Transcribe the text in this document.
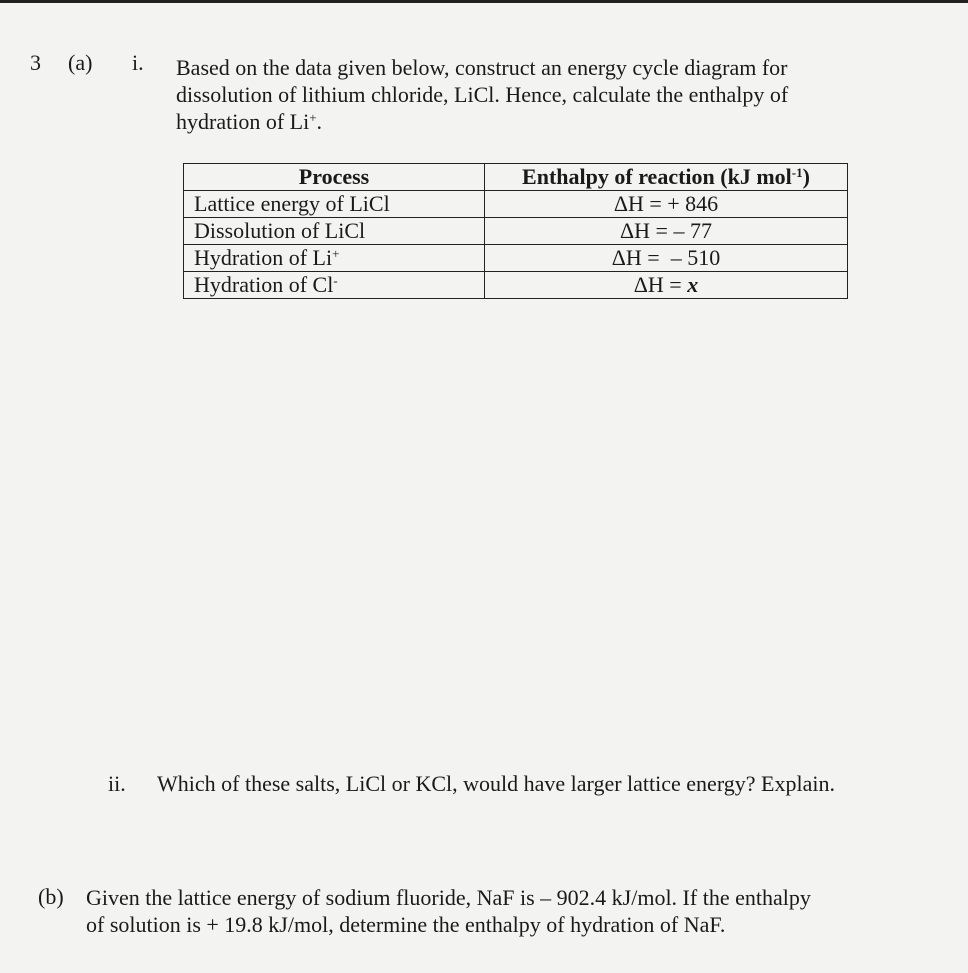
3 (a) i. Based on the data given below, construct an energy cycle diagram for
dissolution of lithium chloride, LiCl. Hence, calculate the enthalpy of
hydration of Li+.
Process	Enthalpy of reaction (kJ mol$^{-1}$)
Lattice energy of LiCl	ΔH = + 846
Dissolution of LiCl	ΔH = – 77
Hydration of Li+	ΔH =  – 510
Hydration of Cl-	ΔH = x
ii. Which of these salts, LiCl or KCl, would have larger lattice energy? Explain.
(b) Given the lattice energy of sodium fluoride, NaF is – 902.4 kJ/mol. If the enthalpy
of solution is + 19.8 kJ/mol, determine the enthalpy of hydration of NaF.
